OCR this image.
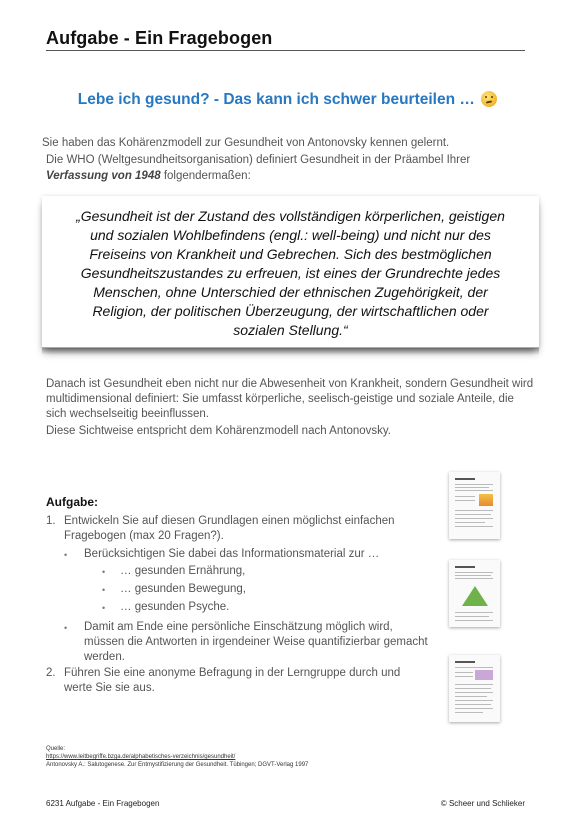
Aufgabe - Ein Fragebogen
Lebe ich gesund? - Das kann ich schwer beurteilen …
Sie haben das Kohärenzmodell zur Gesundheit von Antonovsky kennen gelernt.
Die WHO (Weltgesundheitsorganisation) definiert Gesundheit in der Präambel Ihrer
Verfassung von 1948 folgendermaßen:
„Gesundheit ist der Zustand des vollständigen körperlichen, geistigen und sozialen Wohlbefindens (engl.: well-being) und nicht nur des Freiseins von Krankheit und Gebrechen. Sich des bestmöglichen Gesundheitszustandes zu erfreuen, ist eines der Grundrechte jedes Menschen, ohne Unterschied der ethnischen Zugehörigkeit, der Religion, der politischen Überzeugung, der wirtschaftlichen oder sozialen Stellung.“
Danach ist Gesundheit eben nicht nur die Abwesenheit von Krankheit, sondern Gesundheit wird multidimensional definiert: Sie umfasst körperliche, seelisch-geistige und soziale Anteile, die sich wechselseitig beeinflussen.
Diese Sichtweise entspricht dem Kohärenzmodell nach Antonovsky.
Aufgabe:
1. Entwickeln Sie auf diesen Grundlagen einen möglichst einfachen Fragebogen (max 20 Fragen?).
• Berücksichtigen Sie dabei das Informationsmaterial zur …
• … gesunden Ernährung,
• … gesunden Bewegung,
• … gesunden Psyche.
• Damit am Ende eine persönliche Einschätzung möglich wird, müssen die Antworten in irgendeiner Weise quantifizierbar gemacht werden.
2. Führen Sie eine anonyme Befragung in der Lerngruppe durch und werte Sie sie aus.
Quelle:
https://www.leitbegriffe.bzga.de/alphabetisches-verzeichnis/gesundheit/
Antonovsky A.: Salutogenese. Zur Entmystifizierung der Gesundheit. Tübingen; DGVT-Verlag 1997
6231 Aufgabe - Ein Fragebogen	© Scheer und Schlieker
